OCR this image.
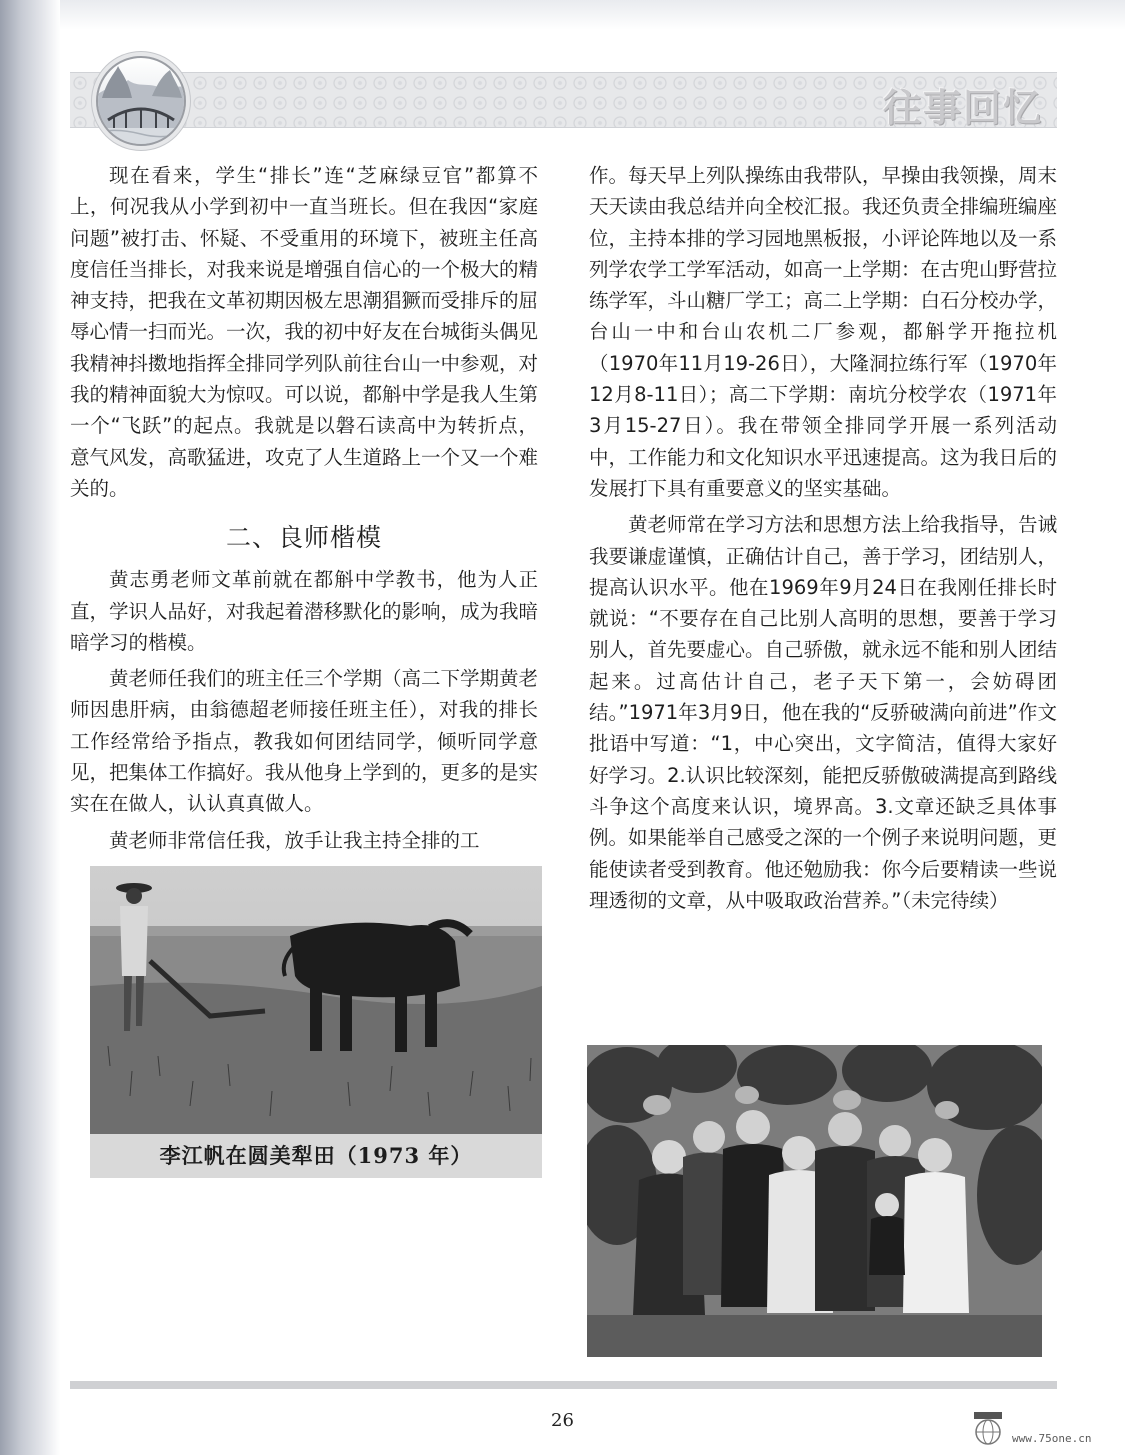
往事回忆

现在看来，学生“排长”连“芝麻绿豆官”都算不上，何况我从小学到初中一直当班长。但在我因“家庭问题”被打击、怀疑、不受重用的环境下，被班主任高度信任当排长，对我来说是增强自信心的一个极大的精神支持，把我在文革初期因极左思潮猖獗而受排斥的屈辱心情一扫而光。一次，我的初中好友在台城街头偶见我精神抖擞地指挥全排同学列队前往台山一中参观，对我的精神面貌大为惊叹。可以说，都斛中学是我人生第一个“飞跃”的起点。我就是以磐石读高中为转折点，意气风发，高歌猛进，攻克了人生道路上一个又一个难关的。

二、良师楷模

黄志勇老师文革前就在都斛中学教书，他为人正直，学识人品好，对我起着潜移默化的影响，成为我暗暗学习的楷模。

黄老师任我们的班主任三个学期（高二下学期黄老师因患肝病，由翁德超老师接任班主任），对我的排长工作经常给予指点，教我如何团结同学，倾听同学意见，把集体工作搞好。我从他身上学到的，更多的是实实在在做人，认认真真做人。

黄老师非常信任我，放手让我主持全排的工

作。每天早上列队操练由我带队，早操由我领操，周末天天读由我总结并向全校汇报。我还负责全排编班编座位，主持本排的学习园地黑板报，小评论阵地以及一系列学农学工学军活动，如高一上学期：在古兜山野营拉练学军，斗山糖厂学工；高二上学期：白石分校办学，台山一中和台山农机二厂参观，都斛学开拖拉机（1970年11月19-26日），大隆洞拉练行军（1970年12月8-11日）；高二下学期：南坑分校学农（1971年3月15-27日）。我在带领全排同学开展一系列活动中，工作能力和文化知识水平迅速提高。这为我日后的发展打下具有重要意义的坚实基础。

黄老师常在学习方法和思想方法上给我指导，告诫我要谦虚谨慎，正确估计自己，善于学习，团结别人，提高认识水平。他在1969年9月24日在我刚任排长时就说：“不要存在自己比别人高明的思想，要善于学习别人，首先要虚心。自己骄傲，就永远不能和别人团结起来。过高估计自己，老子天下第一，会妨碍团结。”1971年3月9日，他在我的“反骄破满向前进”作文批语中写道：“1，中心突出，文字简洁，值得大家好好学习。2.认识比较深刻，能把反骄傲破满提高到路线斗争这个高度来认识，境界高。3.文章还缺乏具体事例。如果能举自己感受之深的一个例子来说明问题，更能使读者受到教育。他还勉励我：你今后要精读一些说理透彻的文章，从中吸取政治营养。”（未完待续）

李江帆在圆美犁田（1973 年）
26
www.75one.cn
